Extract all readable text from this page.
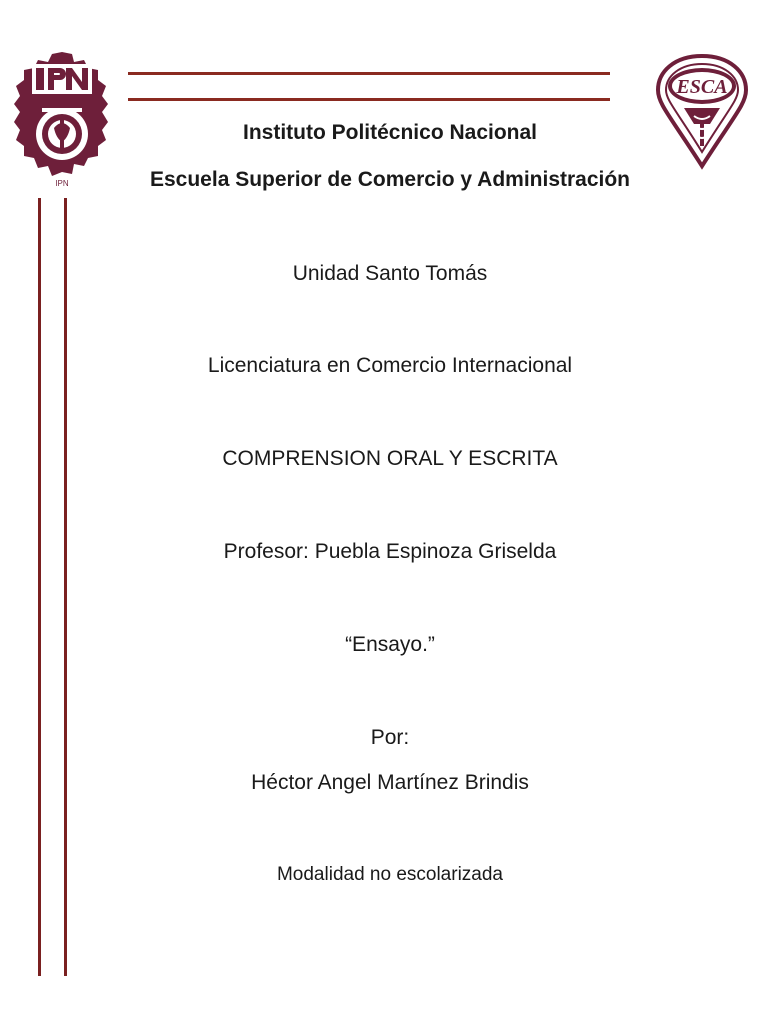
IPN
ESCA
Instituto Politécnico Nacional
Escuela Superior de Comercio y Administración
Unidad Santo Tomás
Licenciatura en Comercio Internacional
COMPRENSION ORAL Y ESCRITA
Profesor: Puebla Espinoza Griselda
“Ensayo.”
Por:
Héctor Angel Martínez Brindis
Modalidad no escolarizada
